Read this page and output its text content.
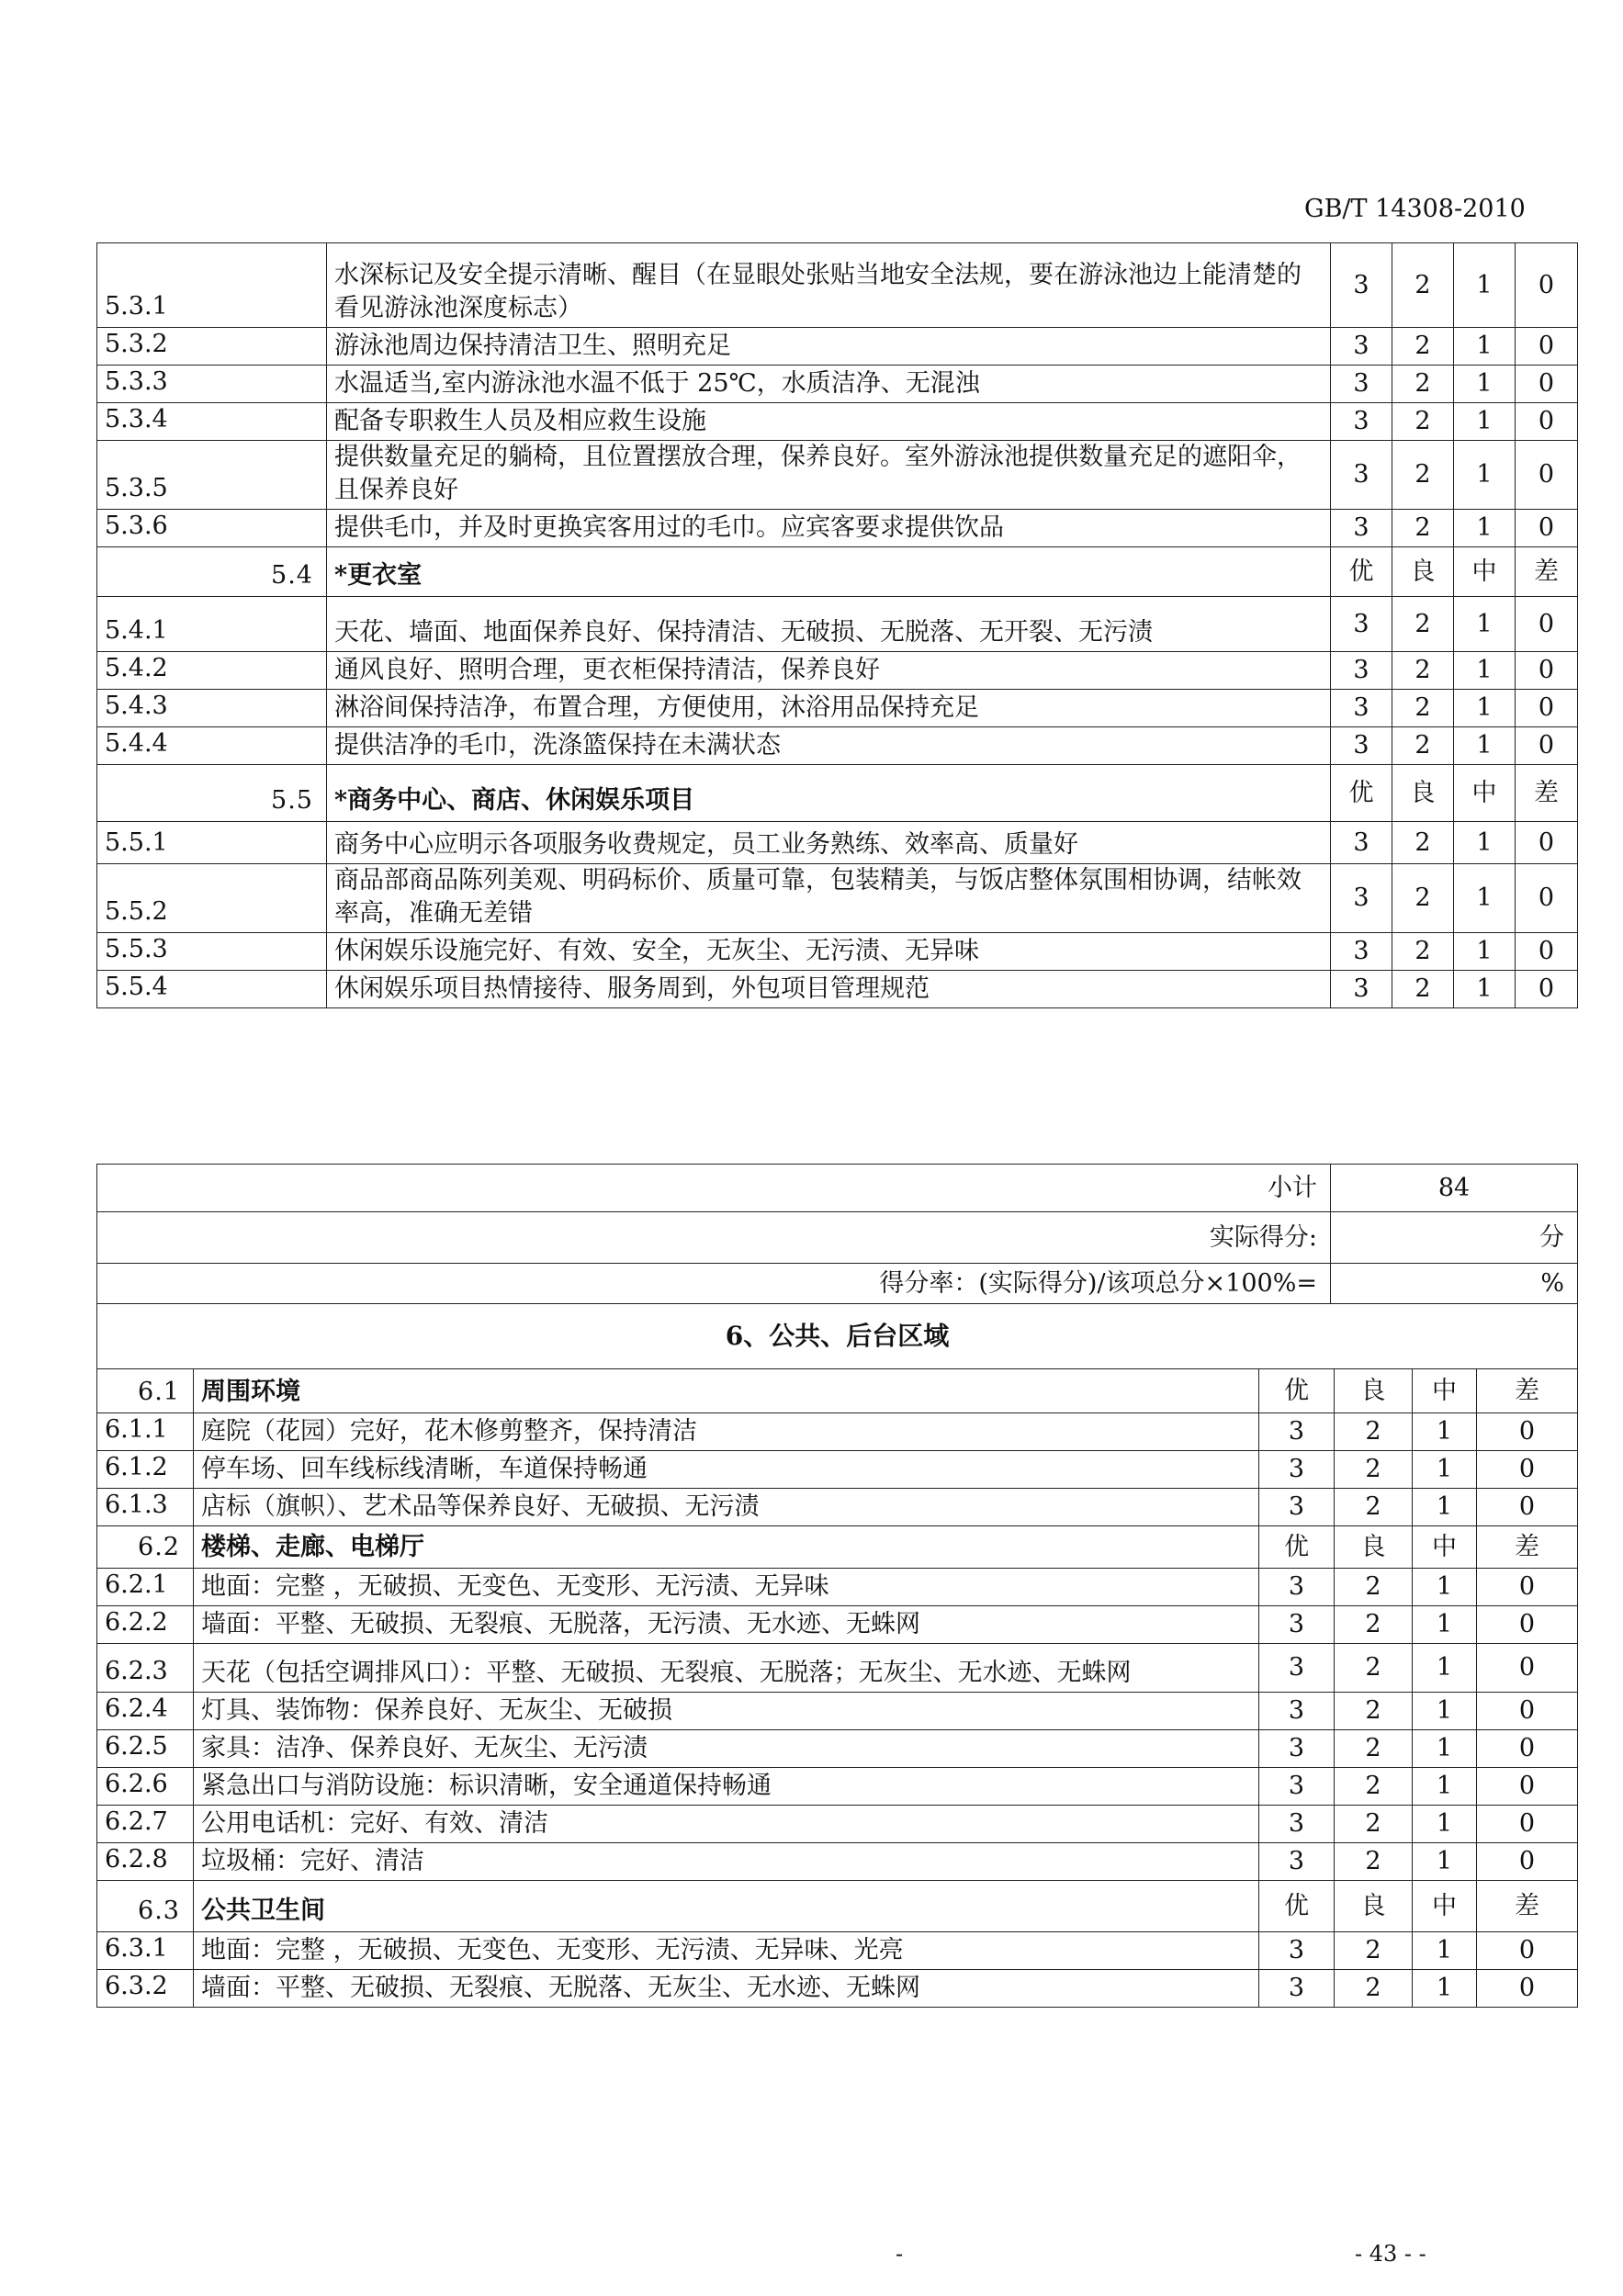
GB/T 14308-2010
5.3.1	水深标记及安全提示清晰、醒目（在显眼处张贴当地安全法规，要在游泳池边上能清楚的看见游泳池深度标志）	3	2	1	0
5.3.2	游泳池周边保持清洁卫生、照明充足	3	2	1	0
5.3.3	水温适当,室内游泳池水温不低于 25℃，水质洁净、无混浊	3	2	1	0
5.3.4	配备专职救生人员及相应救生设施	3	2	1	0
5.3.5	提供数量充足的躺椅，且位置摆放合理，保养良好。室外游泳池提供数量充足的遮阳伞，且保养良好	3	2	1	0
5.3.6	提供毛巾，并及时更换宾客用过的毛巾。应宾客要求提供饮品	3	2	1	0
5.4	*更衣室	优	良	中	差
5.4.1	天花、墙面、地面保养良好、保持清洁、无破损、无脱落、无开裂、无污渍	3	2	1	0
5.4.2	通风良好、照明合理，更衣柜保持清洁，保养良好	3	2	1	0
5.4.3	淋浴间保持洁净，布置合理，方便使用，沐浴用品保持充足	3	2	1	0
5.4.4	提供洁净的毛巾，洗涤篮保持在未满状态	3	2	1	0
5.5	*商务中心、商店、休闲娱乐项目	优	良	中	差
5.5.1	商务中心应明示各项服务收费规定，员工业务熟练、效率高、质量好	3	2	1	0
5.5.2	商品部商品陈列美观、明码标价、质量可靠，包装精美，与饭店整体氛围相协调，结帐效率高，准确无差错	3	2	1	0
5.5.3	休闲娱乐设施完好、有效、安全，无灰尘、无污渍、无异味	3	2	1	0
5.5.4	休闲娱乐项目热情接待、服务周到，外包项目管理规范	3	2	1	0
小计	84
实际得分:	分
得分率：(实际得分)/该项总分×100%=	%
6、公共、后台区域	
6.1	周围环境	优	良	中	差
6.1.1	庭院（花园）完好，花木修剪整齐，保持清洁	3	2	1	0
6.1.2	停车场、回车线标线清晰，车道保持畅通	3	2	1	0
6.1.3	店标（旗帜）、艺术品等保养良好、无破损、无污渍	3	2	1	0
6.2	楼梯、走廊、电梯厅	优	良	中	差
6.2.1	地面：完整 ，无破损、无变色、无变形、无污渍、无异味	3	2	1	0
6.2.2	墙面：平整、无破损、无裂痕、无脱落，无污渍、无水迹、无蛛网	3	2	1	0
6.2.3	天花（包括空调排风口）：平整、无破损、无裂痕、无脱落；无灰尘、无水迹、无蛛网	3	2	1	0
6.2.4	灯具、装饰物：保养良好、无灰尘、无破损	3	2	1	0
6.2.5	家具：洁净、保养良好、无灰尘、无污渍	3	2	1	0
6.2.6	紧急出口与消防设施：标识清晰，安全通道保持畅通	3	2	1	0
6.2.7	公用电话机：完好、有效、清洁	3	2	1	0
6.2.8	垃圾桶：完好、清洁	3	2	1	0
6.3	公共卫生间	优	良	中	差
6.3.1	地面：完整 ，无破损、无变色、无变形、无污渍、无异味、光亮	3	2	1	0
6.3.2	墙面：平整、无破损、无裂痕、无脱落、无灰尘、无水迹、无蛛网	3	2	1	0
-	- 43 - -
